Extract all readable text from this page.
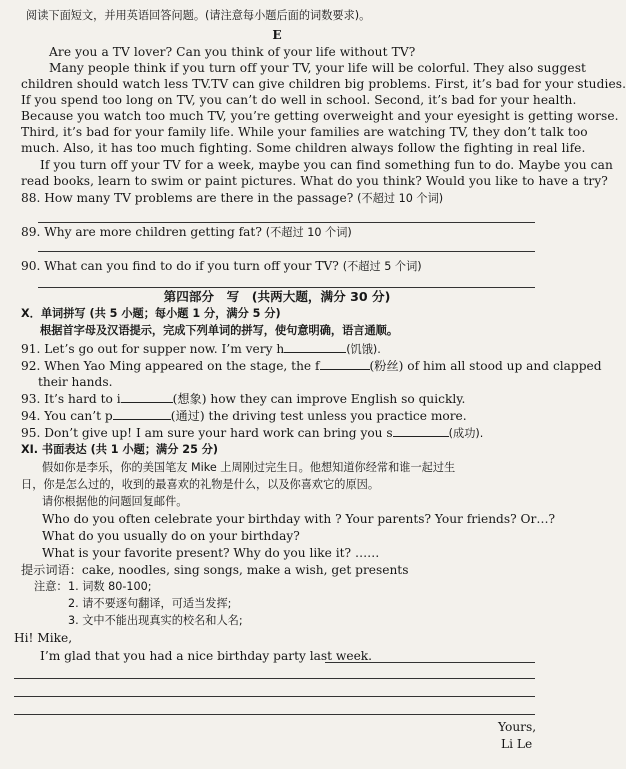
阅读下面短文，并用英语回答问题。(请注意每小题后面的词数要求)。
E
Are you a TV lover? Can you think of your life without TV?
Many people think if you turn off your TV, your life will be colorful. They also suggest
children should watch less TV.TV can give children big problems. First, it’s bad for your studies.
If you spend too long on TV, you can’t do well in school. Second, it’s bad for your health.
Because you watch too much TV, you’re getting overweight and your eyesight is getting worse.
Third, it’s bad for your family life. While your families are watching TV, they don’t talk too
much. Also, it has too much fighting. Some children always follow the fighting in real life.
If you turn off your TV for a week, maybe you can find something fun to do. Maybe you can
read books, learn to swim or paint pictures. What do you think? Would you like to have a try?
88. How many TV problems are there in the passage? (不超过 10 个词)
89. Why are more children getting fat? (不超过 10 个词)
90. What can you find to do if you turn off your TV? (不超过 5 个词)
第四部分　写　(共两大题，满分 30 分)
X．单词拼写 (共 5 小题；每小题 1 分，满分 5 分)
根据首字母及汉语提示，完成下列单词的拼写，使句意明确，语言通顺。
91. Let’s go out for supper now. I’m very h	(饥饿).
92. When Yao Ming appeared on the stage, the f	(粉丝) of him all stood up and clapped
their hands.
93. It’s hard to i	(想象) how they can improve English so quickly.
94. You can’t p	(通过) the driving test unless you practice more.
95. Don’t give up! I am sure your hard work can bring you s	(成功).
XI. 书面表达 (共 1 小题；满分 25 分)
假如你是李乐，你的美国笔友 Mike 上周刚过完生日。他想知道你经常和谁一起过生
日，你是怎么过的，收到的最喜欢的礼物是什么，以及你喜欢它的原因。
请你根据他的问题回复邮件。
Who do you often celebrate your birthday with ? Your parents? Your friends? Or…?
What do you usually do on your birthday?
What is your favorite present? Why do you like it? ……
提示词语：cake, noodles, sing songs, make a wish, get presents
注意： 1. 词数 80-100;
2. 请不要逐句翻译，可适当发挥;
3. 文中不能出现真实的校名和人名;
Hi! Mike,
I’m glad that you had a nice birthday party last week.
Yours,
Li Le
